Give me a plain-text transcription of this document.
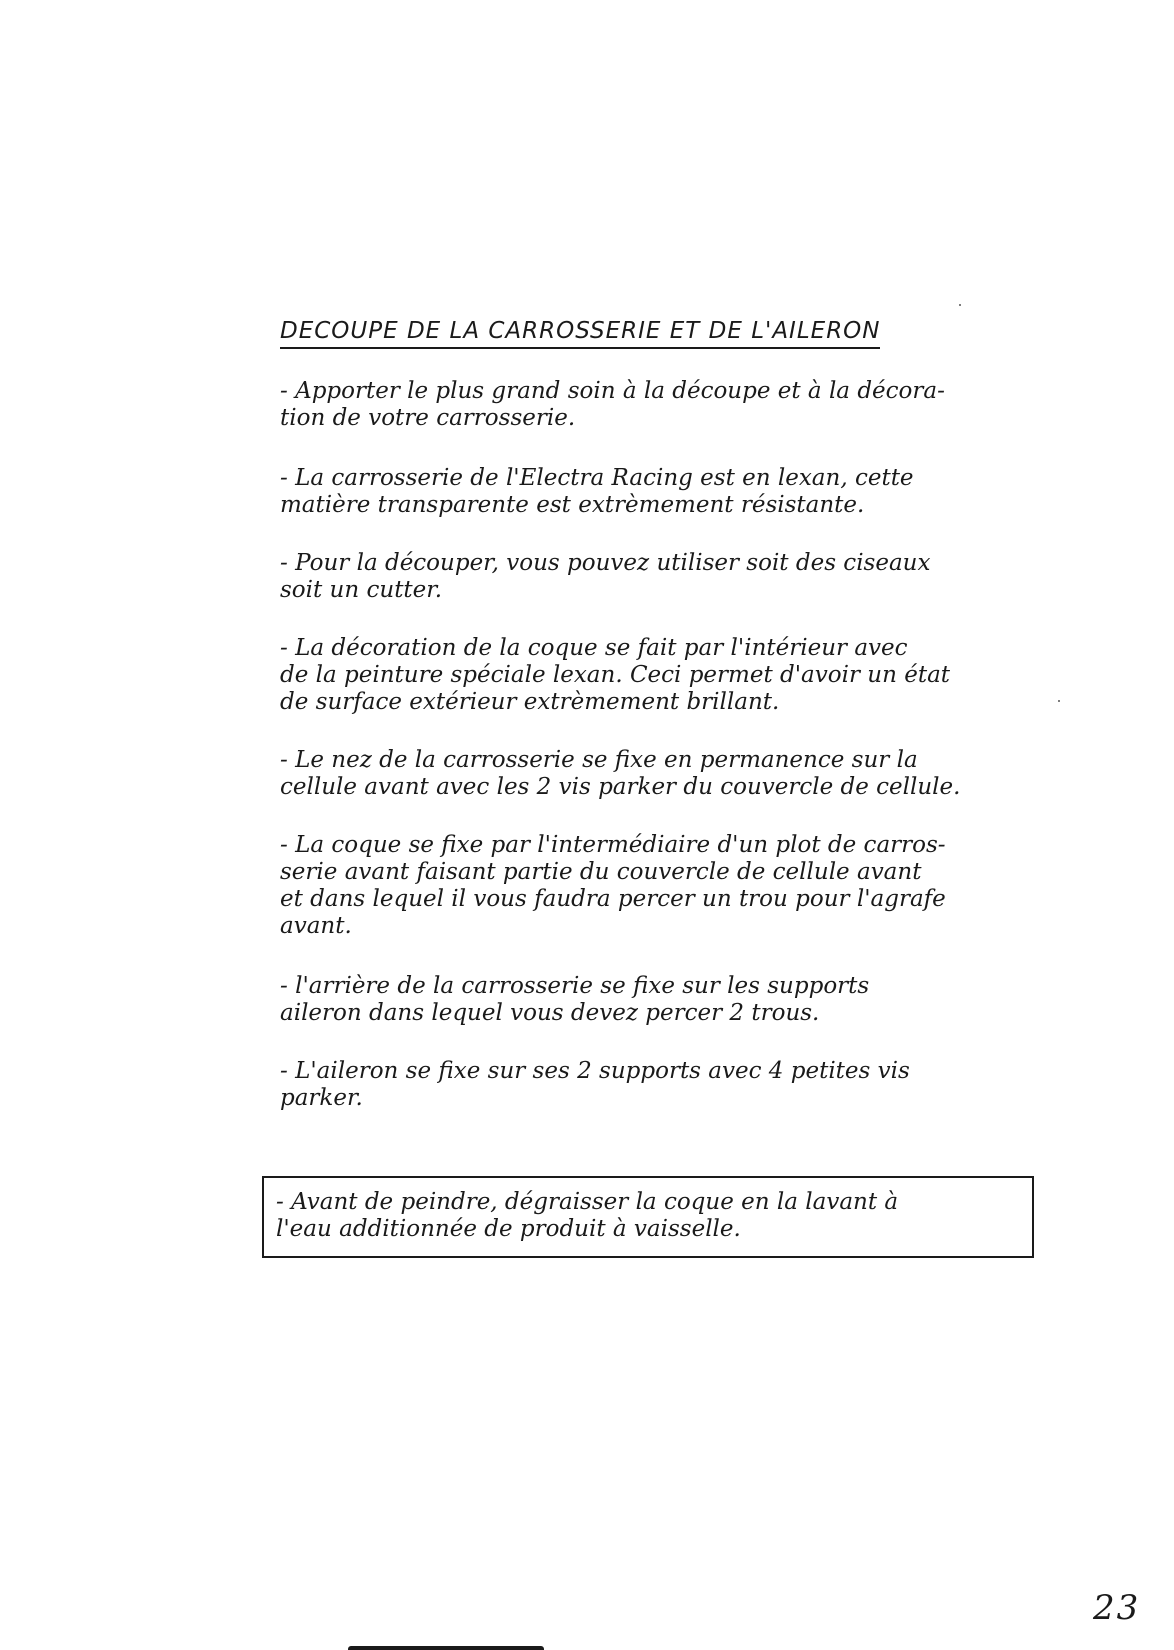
DECOUPE DE LA CARROSSERIE ET DE L'AILERON

- Apporter le plus grand soin à la découpe et à la décora-
tion de votre carrosserie.

- La carrosserie de l'Electra Racing est en lexan, cette
matière transparente est extrèmement résistante.

- Pour la découper, vous pouvez utiliser soit des ciseaux
soit un cutter.

- La décoration de la coque se fait par l'intérieur avec
de la peinture spéciale lexan. Ceci permet d'avoir un état
de surface extérieur extrèmement brillant.

- Le nez de la carrosserie se fixe en permanence sur la
cellule avant avec les 2 vis parker du couvercle de cellule.

- La coque se fixe par l'intermédiaire d'un plot de carros-
serie avant faisant partie du couvercle de cellule avant
et dans lequel il vous faudra percer un trou pour l'agrafe
avant.

- l'arrière de la carrosserie se fixe sur les supports
aileron dans lequel vous devez percer 2 trous.

- L'aileron se fixe sur ses 2 supports avec 4 petites vis
parker.

- Avant de peindre, dégraisser la coque en la lavant à
l'eau additionnée de produit à vaisselle.
23
